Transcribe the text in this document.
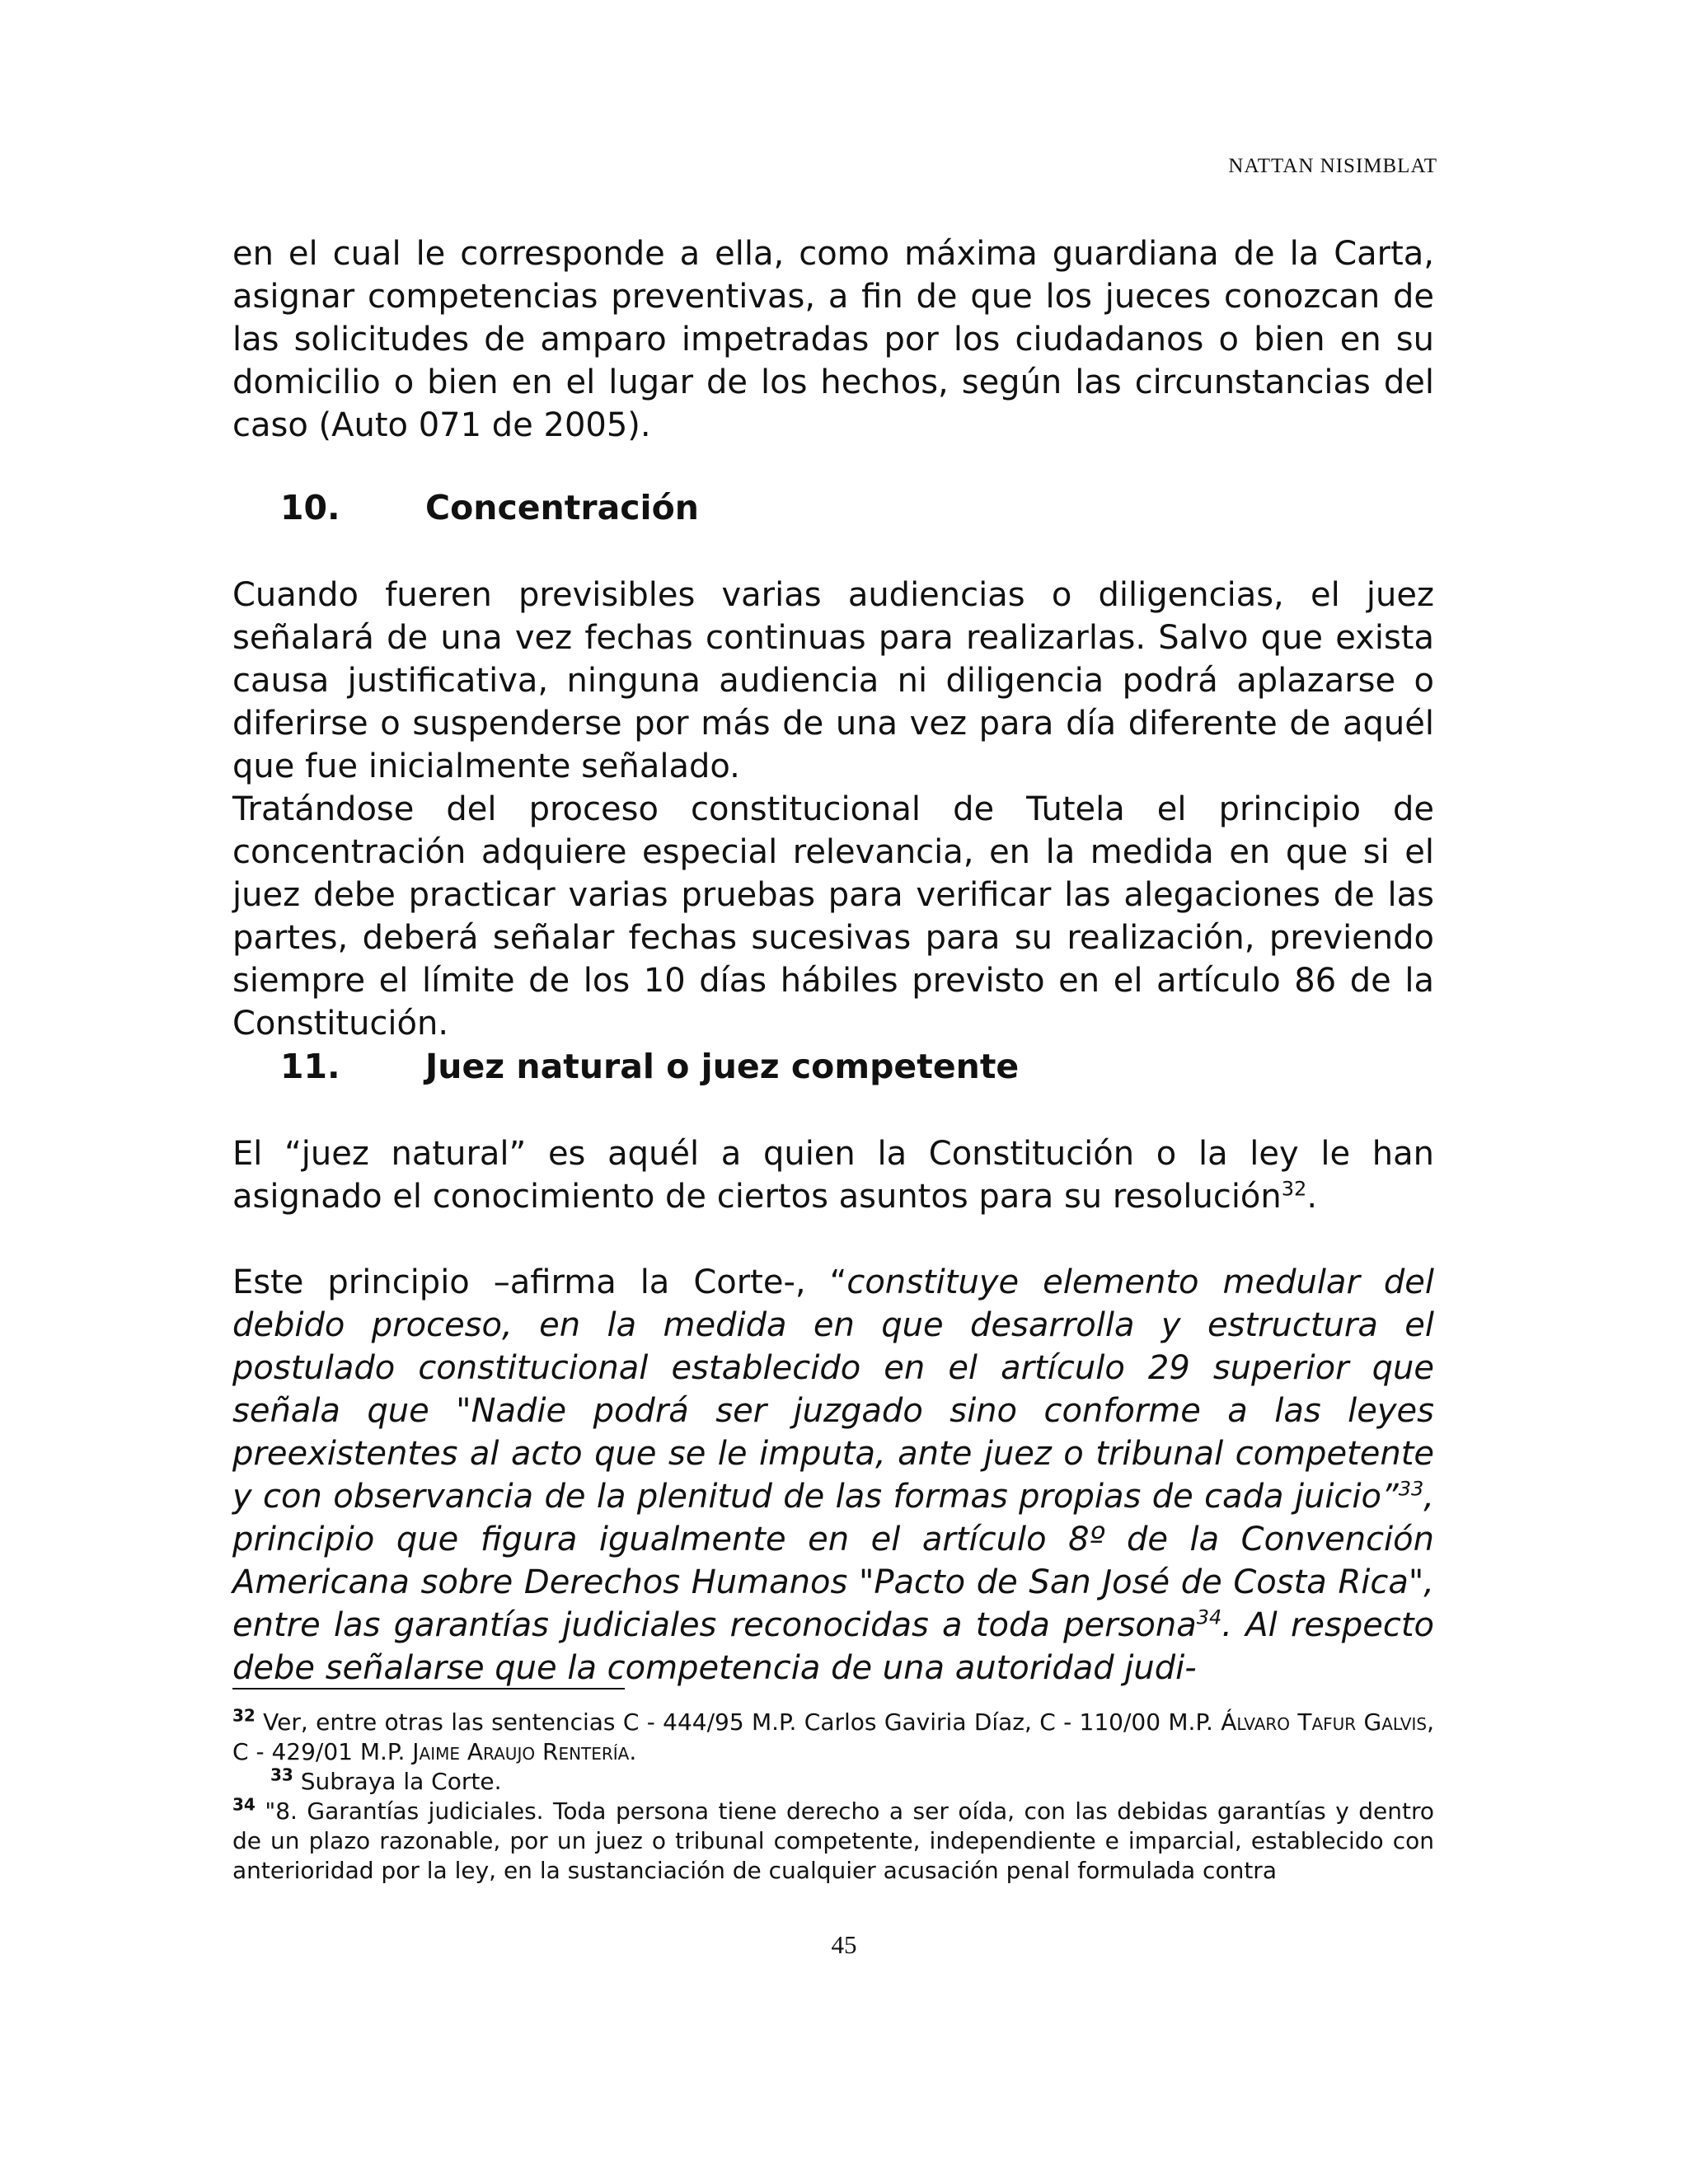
NATTAN NISIMBLAT

en el cual le corresponde a ella, como máxima guardiana de la Carta, asignar competencias preventivas, a fin de que los jueces conozcan de las solicitudes de amparo impetradas por los ciudadanos o bien en su domicilio o bien en el lugar de los hechos, según las circunstancias del caso (Auto 071 de 2005).

10.	Concentración

Cuando fueren previsibles varias audiencias o diligencias, el juez señalará de una vez fechas continuas para realizarlas. Salvo que exista causa justificativa, ninguna audiencia ni diligencia podrá aplazarse o diferirse o suspenderse por más de una vez para día diferente de aquél que fue inicialmente señalado.

Tratándose del proceso constitucional de Tutela el principio de concentración adquiere especial relevancia, en la medida en que si el juez debe practicar varias pruebas para verificar las alegaciones de las partes, deberá señalar fechas sucesivas para su realización, previendo siempre el límite de los 10 días hábiles previsto en el artículo 86 de la Constitución.

11.	Juez natural o juez competente

El “juez natural” es aquél a quien la Constitución o la ley le han asignado el conocimiento de ciertos asuntos para su resolución$^{32}$.

Este principio –afirma la Corte-, “constituye elemento medular del debido proceso, en la medida en que desarrolla y estructura el postulado constitucional establecido en el artículo 29 superior que señala que "Nadie podrá ser juzgado sino conforme a las leyes preexistentes al acto que se le imputa, ante juez o tribunal competente y con observancia de la plenitud de las formas propias de cada juicio”$^{33}$, principio que figura igualmente en el artículo 8º de la Convención Americana sobre Derechos Humanos "Pacto de San José de Costa Rica", entre las garantías judiciales reconocidas a toda persona$^{34}$. Al respecto debe señalarse que la competencia de una autoridad judi-

$^{32}$ Ver, entre otras las sentencias C - 444/95 M.P. Carlos Gaviria Díaz, C - 110/00 M.P. Álvaro Tafur Galvis, C - 429/01 M.P. Jaime Araujo Rentería.

$^{33}$ Subraya la Corte.

$^{34}$ "8. Garantías judiciales. Toda persona tiene derecho a ser oída, con las debidas garantías y dentro de un plazo razonable, por un juez o tribunal competente, independiente e imparcial, establecido con anterioridad por la ley, en la sustanciación de cualquier acusación penal formulada contra

45
